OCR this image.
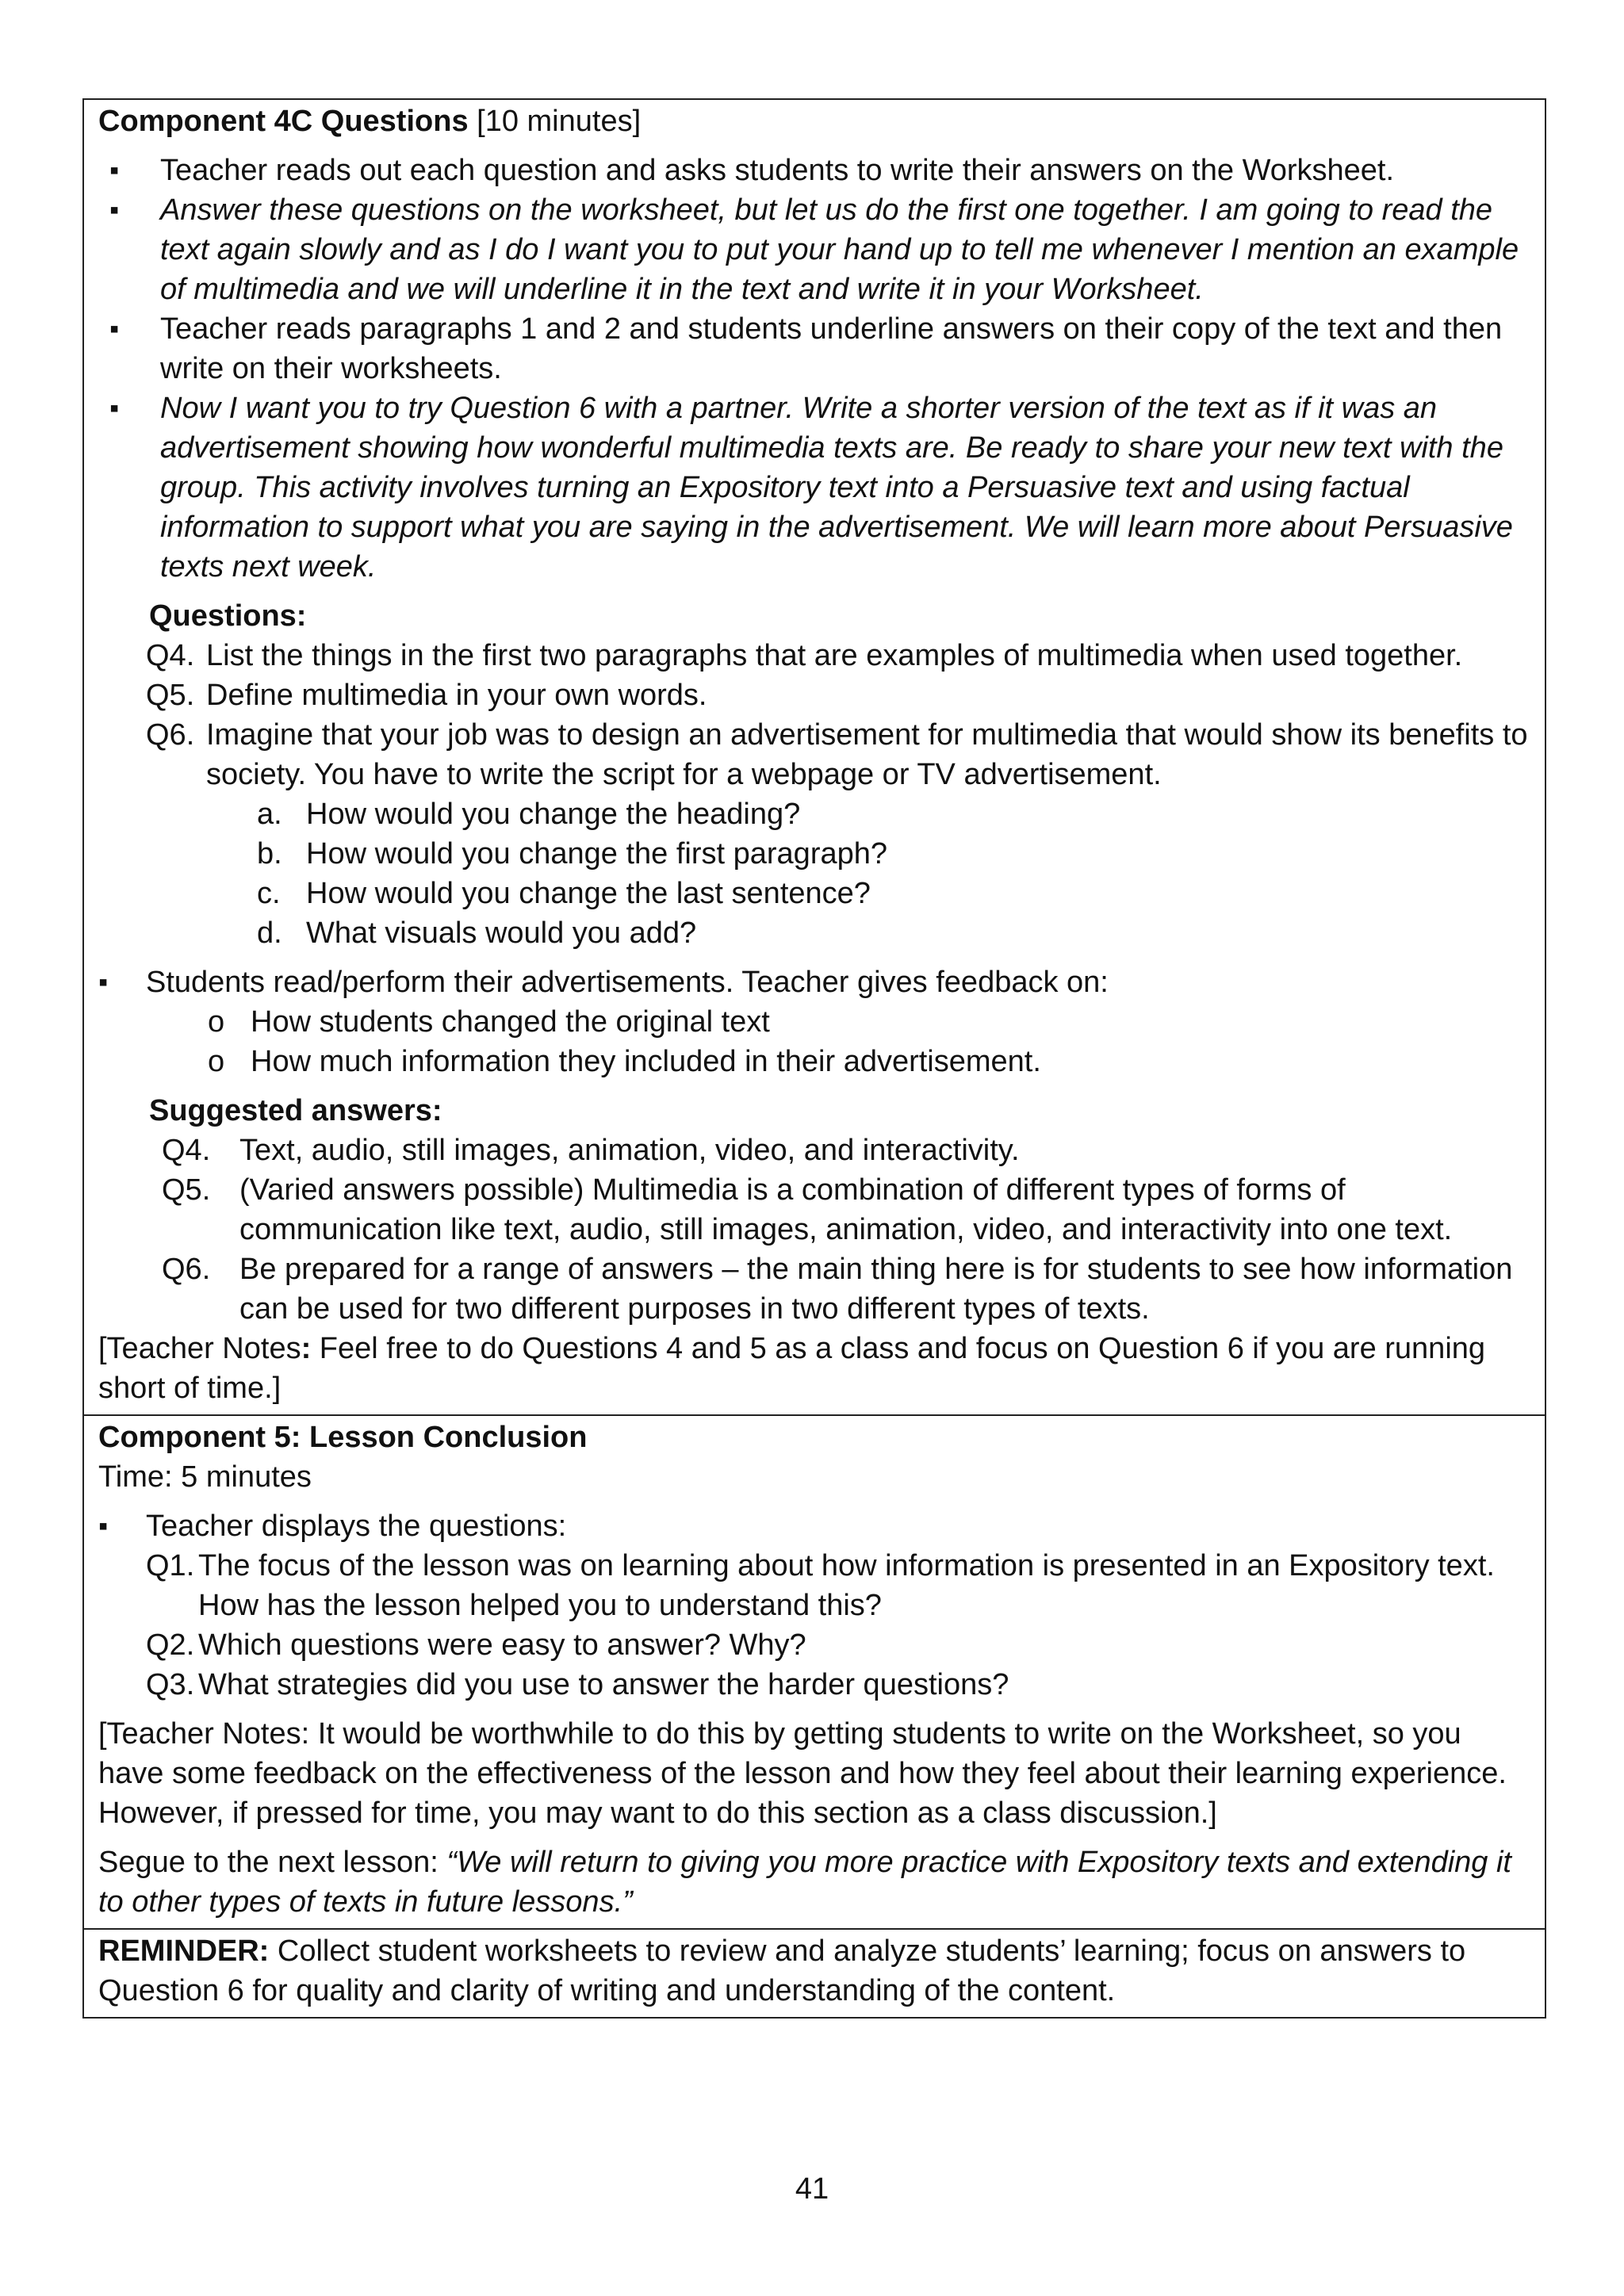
Component 4C Questions [10 minutes]
▪ Teacher reads out each question and asks students to write their answers on the Worksheet.
▪ Answer these questions on the worksheet, but let us do the first one together. I am going to read the text again slowly and as I do I want you to put your hand up to tell me whenever I mention an example of multimedia and we will underline it in the text and write it in your Worksheet.
▪ Teacher reads paragraphs 1 and 2 and students underline answers on their copy of the text and then write on their worksheets.
▪ Now I want you to try Question 6 with a partner. Write a shorter version of the text as if it was an advertisement showing how wonderful multimedia texts are. Be ready to share your new text with the group. This activity involves turning an Expository text into a Persuasive text and using factual information to support what you are saying in the advertisement. We will learn more about Persuasive texts next week.
Questions:
Q4. List the things in the first two paragraphs that are examples of multimedia when used together.
Q5. Define multimedia in your own words.
Q6. Imagine that your job was to design an advertisement for multimedia that would show its benefits to society. You have to write the script for a webpage or TV advertisement.
a. How would you change the heading?
b. How would you change the first paragraph?
c. How would you change the last sentence?
d. What visuals would you add?
▪ Students read/perform their advertisements. Teacher gives feedback on:
o How students changed the original text
o How much information they included in their advertisement.
Suggested answers:
Q4. Text, audio, still images, animation, video, and interactivity.
Q5. (Varied answers possible) Multimedia is a combination of different types of forms of communication like text, audio, still images, animation, video, and interactivity into one text.
Q6. Be prepared for a range of answers – the main thing here is for students to see how information can be used for two different purposes in two different types of texts.
[Teacher Notes: Feel free to do Questions 4 and 5 as a class and focus on Question 6 if you are running short of time.]
Component 5: Lesson Conclusion
Time: 5 minutes
▪ Teacher displays the questions:
Q1. The focus of the lesson was on learning about how information is presented in an Expository text. How has the lesson helped you to understand this?
Q2. Which questions were easy to answer? Why?
Q3. What strategies did you use to answer the harder questions?
[Teacher Notes: It would be worthwhile to do this by getting students to write on the Worksheet, so you have some feedback on the effectiveness of the lesson and how they feel about their learning experience. However, if pressed for time, you may want to do this section as a class discussion.]
Segue to the next lesson: “We will return to giving you more practice with Expository texts and extending it to other types of texts in future lessons.”
REMINDER: Collect student worksheets to review and analyze students’ learning; focus on answers to Question 6 for quality and clarity of writing and understanding of the content.
41
